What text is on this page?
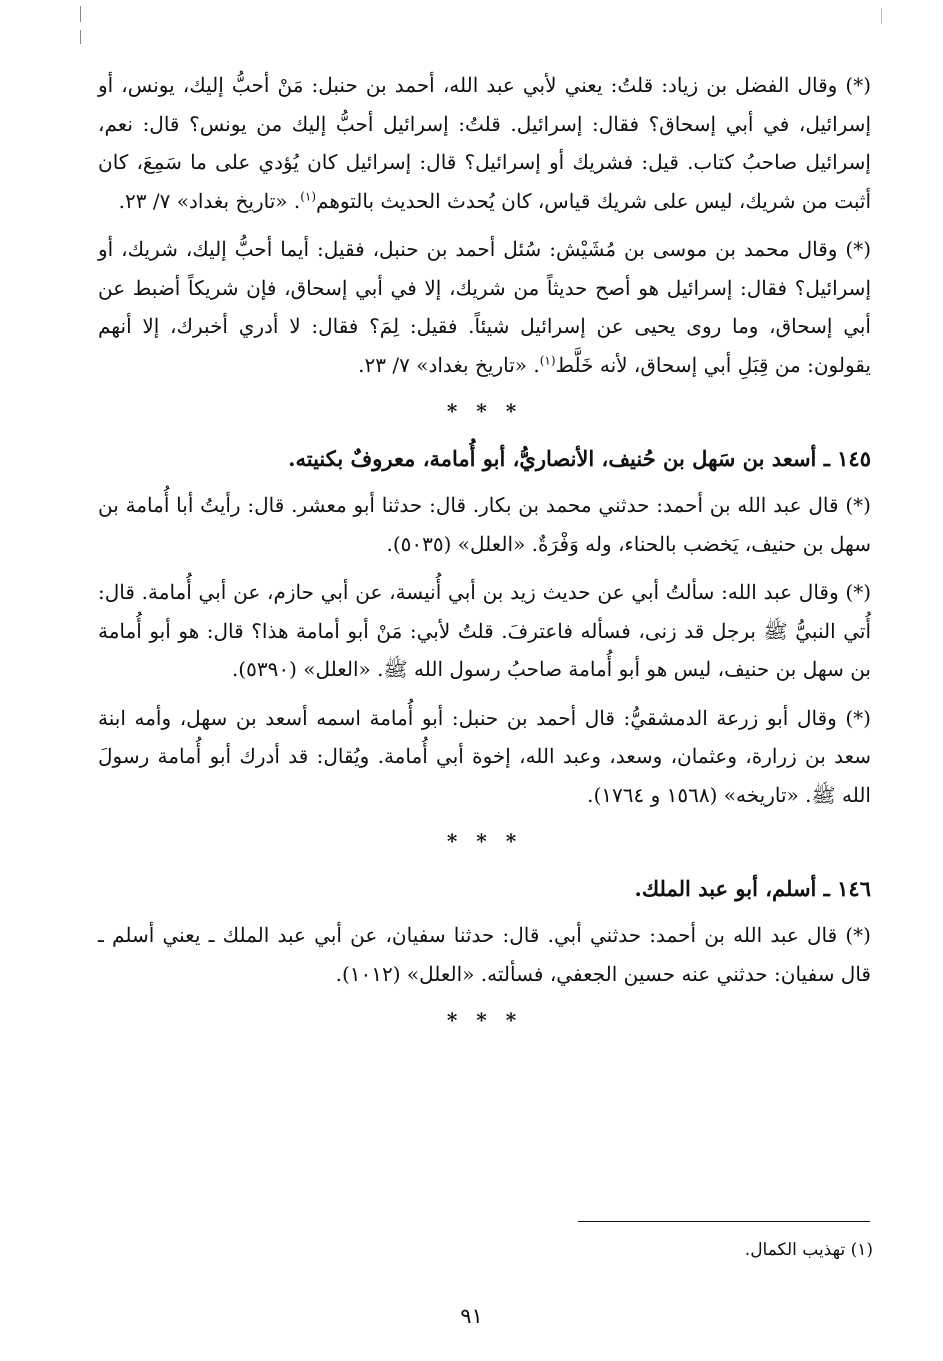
(*) وقال الفضل بن زياد: قلتُ: يعني لأبي عبد الله، أحمد بن حنبل: مَنْ أحبُّ إليك، يونس، أو إسرائيل، في أبي إسحاق؟ فقال: إسرائيل. قلتُ: إسرائيل أحبُّ إليك من يونس؟ قال: نعم، إسرائيل صاحبُ كتاب. قيل: فشريك أو إسرائيل؟ قال: إسرائيل كان يُؤدي على ما سَمِعَ، كان أثبت من شريك، ليس على شريك قياس، كان يُحدث الحديث بالتوهم$^{(١)}$. «تاريخ بغداد» ٧/ ٢٣.

(*) وقال محمد بن موسى بن مُشَيْش: سُئل أحمد بن حنبل، فقيل: أيما أحبُّ إليك، شريك، أو إسرائيل؟ فقال: إسرائيل هو أصح حديثاً من شريك، إلا في أبي إسحاق، فإن شريكاً أضبط عن أبي إسحاق، وما روى يحيى عن إسرائيل شيئاً. فقيل: لِمَ؟ فقال: لا أدري أخبرك، إلا أنهم يقولون: من قِبَلِ أبي إسحاق، لأنه خَلَّط$^{(١)}$. «تاريخ بغداد» ٧/ ٢٣.

* * *
١٤٥ ـ أسعد بن سَهل بن حُنيف، الأنصاريُّ، أبو أُمامة، معروفٌ بكنيته.

(*) قال عبد الله بن أحمد: حدثني محمد بن بكار. قال: حدثنا أبو معشر. قال: رأيتُ أبا أُمامة بن سهل بن حنيف، يَخضب بالحناء، وله وَفْرَةٌ. «العلل» (٥٠٣٥).

(*) وقال عبد الله: سألتُ أبي عن حديث زيد بن أبي أُنيسة، عن أبي حازم، عن أبي أُمامة. قال: أُتي النبيُّ ﷺ برجل قد زنى، فسأله فاعترفَ. قلتُ لأبي: مَنْ أبو أمامة هذا؟ قال: هو أبو أُمامة بن سهل بن حنيف، ليس هو أبو أُمامة صاحبُ رسول الله ﷺ. «العلل» (٥٣٩٠).

(*) وقال أبو زرعة الدمشقيُّ: قال أحمد بن حنبل: أبو أُمامة اسمه أسعد بن سهل، وأمه ابنة سعد بن زرارة، وعثمان، وسعد، وعبد الله، إخوة أبي أُمامة. ويُقال: قد أدرك أبو أُمامة رسولَ الله ﷺ. «تاريخه» (١٥٦٨ و ١٧٦٤).

* * *
١٤٦ ـ أسلم، أبو عبد الملك.

(*) قال عبد الله بن أحمد: حدثني أبي. قال: حدثنا سفيان، عن أبي عبد الملك ـ يعني أسلم ـ قال سفيان: حدثني عنه حسين الجعفي، فسألته. «العلل» (١٠١٢).

* * *
(١) تهذيب الكمال.
٩١
